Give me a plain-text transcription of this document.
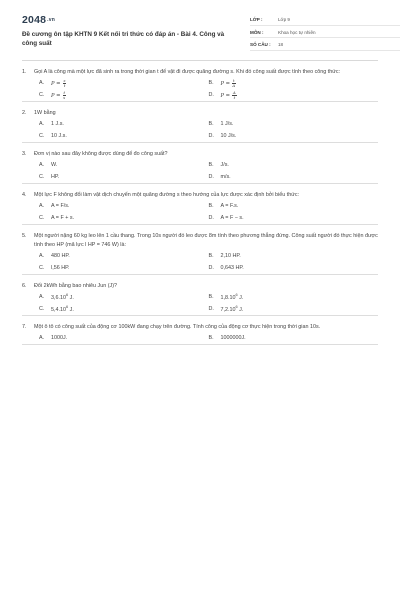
2048.vn
Đề cương ôn tập KHTN 9 Kết nối tri thức có đáp án - Bài 4. Công và công suất
LỚP :	Lớp 9
MÔN :	Khoa học tự nhiên
SỐ CÂU :	18
1.	Gọi A là công mà một lực đã sinh ra trong thời gian t để vật đi được quãng đường s. Khi đó công suất được tính theo công thức:
A.	$P = \frac{s}{t}$	B.	$P = \frac{t}{A}$
C.	$P = \frac{t}{s}$	D.	$P = \frac{A}{t}$
2.	1W bằng
A.	1 J.s.	B.	1 J/s.
C.	10 J.s.	D.	10 J/s.
3.	Đơn vị nào sau đây không được dùng để đo công suất?
A.	W.	B.	J/s.
C.	HP.	D.	m/s.
4.	Một lực F không đổi làm vật dịch chuyển một quãng đường s theo hướng của lực được xác định bởi biểu thức:
A.	A = F/s.	B.	A = F.s.
C.	A = F + s.	D.	A = F − s.
5.	Một người nặng 60 kg leo lên 1 cầu thang. Trong 10s người đó leo được 8m tính theo phương thẳng đứng. Công suất người đó thực hiện được tính theo HP (mã lực l HP = 746 W) là:
A.	480 HP.	B.	2,10 HP.
C.	l,56 HP.	D.	0,643 HP.
6.	Đổi 2kWh bằng bao nhiêu Jun (J)?
A.	3,6.10$^6$ J.	B.	1,8.10$^6$ J.
C.	5,4.10$^6$ J.	D.	7,2.10$^6$ J.
7.	Một ô tô có công suất của động cơ 100kW đang chạy trên đường. Tính công của động cơ thực hiện trong thời gian 10s.
A.	1000J.	B.	1000000J.
